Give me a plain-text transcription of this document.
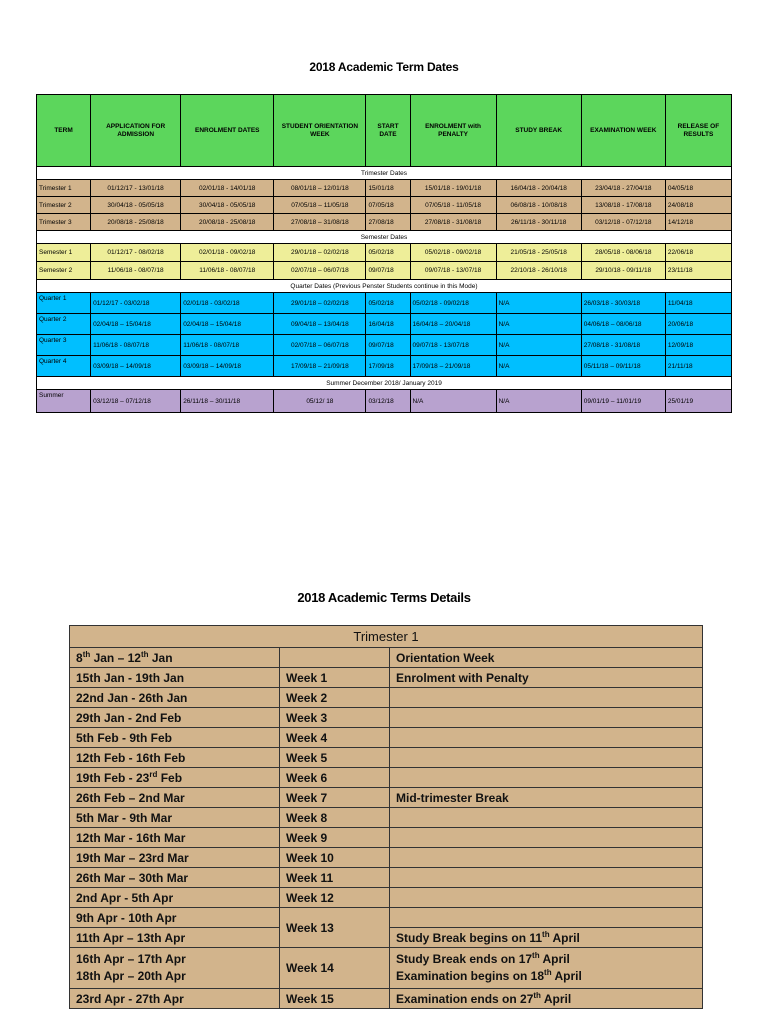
2018 Academic Term Dates
TERM	APPLICATION FOR ADMISSION	ENROLMENT DATES	STUDENT ORIENTATION WEEK	START DATE	ENROLMENT with PENALTY	STUDY BREAK	EXAMINATION WEEK	RELEASE OF RESULTS
Trimester Dates								
Trimester 1	01/12/17 - 13/01/18	02/01/18 - 14/01/18	08/01/18 – 12/01/18	15/01/18	15/01/18 - 19/01/18	16/04/18 - 20/04/18	23/04/18 - 27/04/18	04/05/18
Trimester 2	30/04/18 - 05/05/18	30/04/18 - 05/05/18	07/05/18 – 11/05/18	07/05/18	07/05/18 - 11/05/18	06/08/18 - 10/08/18	13/08/18 - 17/08/18	24/08/18
Trimester 3	20/08/18 - 25/08/18	20/08/18 - 25/08/18	27/08/18 – 31/08/18	27/08/18	27/08/18 - 31/08/18	26/11/18 - 30/11/18	03/12/18 - 07/12/18	14/12/18
Semester Dates								
Semester 1	01/12/17 - 08/02/18	02/01/18 - 09/02/18	29/01/18 – 02/02/18	05/02/18	05/02/18 - 09/02/18	21/05/18 - 25/05/18	28/05/18 - 08/06/18	22/06/18
Semester 2	11/06/18 - 08/07/18	11/06/18 - 08/07/18	02/07/18 – 06/07/18	09/07/18	09/07/18 - 13/07/18	22/10/18 - 26/10/18	29/10/18 - 09/11/18	23/11/18
Quarter Dates (Previous Penster Students continue in this Mode)								
Quarter 1	01/12/17 - 03/02/18	02/01/18 - 03/02/18	29/01/18 – 02/02/18	05/02/18	05/02/18 - 09/02/18	N/A	26/03/18 - 30/03/18	11/04/18
Quarter 2	02/04/18 – 15/04/18	02/04/18 – 15/04/18	09/04/18 – 13/04/18	16/04/18	16/04/18 – 20/04/18	N/A	04/06/18 – 08/06/18	20/06/18
Quarter 3	11/06/18 - 08/07/18	11/06/18 - 08/07/18	02/07/18 – 06/07/18	09/07/18	09/07/18 - 13/07/18	N/A	27/08/18 - 31/08/18	12/09/18
Quarter 4	03/09/18 – 14/09/18	03/09/18 – 14/09/18	17/09/18 – 21/09/18	17/09/18	17/09/18 – 21/09/18	N/A	05/11/18 – 09/11/18	21/11/18
Summer December 2018/ January 2019								
Summer	03/12/18 – 07/12/18	26/11/18 – 30/11/18	05/12/ 18	03/12/18	N/A	N/A	09/01/19 – 11/01/19	25/01/19
2018 Academic Terms Details
Trimester 1		
8th Jan – 12th Jan		Orientation Week
15th Jan - 19th Jan	Week 1	Enrolment with Penalty
22nd Jan - 26th Jan	Week 2	
29th Jan - 2nd Feb	Week 3	
5th Feb - 9th Feb	Week 4	
12th Feb - 16th Feb	Week 5	
19th Feb - 23rd Feb	Week 6	
26th Feb – 2nd Mar	Week 7	Mid-trimester Break
5th Mar - 9th Mar	Week 8	
12th Mar - 16th Mar	Week 9	
19th Mar – 23rd Mar	Week 10	
26th Mar – 30th Mar	Week 11	
2nd Apr - 5th Apr	Week 12	
9th Apr - 10th Apr	Week 13	
11th Apr – 13th Apr		Study Break begins on 11th April

16th Apr – 17th Apr
18th Apr – 20th Apr	Week 14	Study Break ends on 17th April
Examination begins on 18th April

23rd Apr - 27th Apr	Week 15	Examination ends on 27th April
